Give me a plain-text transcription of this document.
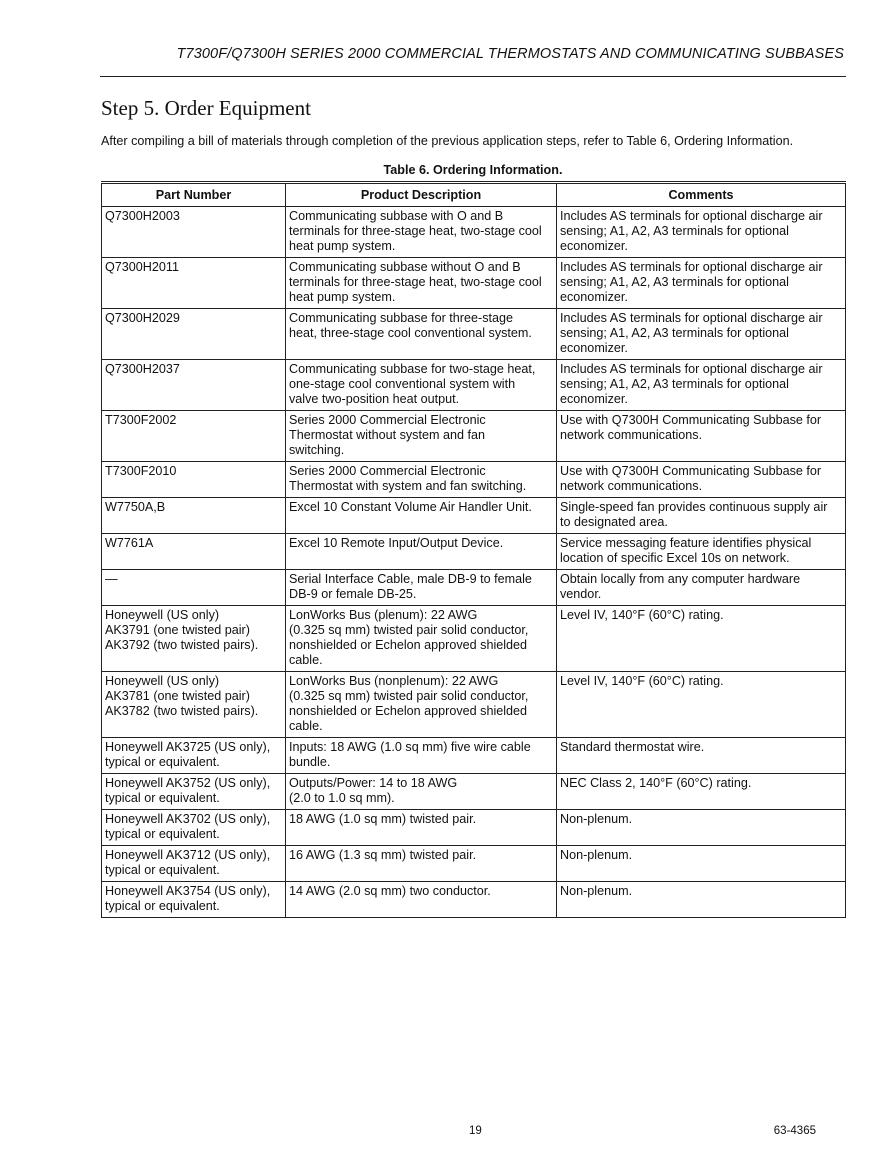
T7300F/Q7300H SERIES 2000 COMMERCIAL THERMOSTATS AND COMMUNICATING SUBBASES
Step 5. Order Equipment

After compiling a bill of materials through completion of the previous application steps, refer to Table 6, Ordering Information.

Table 6. Ordering Information.
Part Number	Product Description	Comments
Q7300H2003	Communicating subbase with O and B
terminals for three-stage heat, two-stage cool
heat pump system.	Includes AS terminals for optional discharge air
sensing; A1, A2, A3 terminals for optional
economizer.
Q7300H2011	Communicating subbase without O and B
terminals for three-stage heat, two-stage cool
heat pump system.	Includes AS terminals for optional discharge air
sensing; A1, A2, A3 terminals for optional
economizer.
Q7300H2029	Communicating subbase for three-stage
heat, three-stage cool conventional system.	Includes AS terminals for optional discharge air
sensing; A1, A2, A3 terminals for optional
economizer.
Q7300H2037	Communicating subbase for two-stage heat,
one-stage cool conventional system with
valve two-position heat output.	Includes AS terminals for optional discharge air
sensing; A1, A2, A3 terminals for optional
economizer.
T7300F2002	Series 2000 Commercial Electronic
Thermostat without system and fan
switching.	Use with Q7300H Communicating Subbase for
network communications.
T7300F2010	Series 2000 Commercial Electronic
Thermostat with system and fan switching.	Use with Q7300H Communicating Subbase for
network communications.
W7750A,B	Excel 10 Constant Volume Air Handler Unit.	Single-speed fan provides continuous supply air
to designated area.
W7761A	Excel 10 Remote Input/Output Device.	Service messaging feature identifies physical
location of specific Excel 10s on network.
—	Serial Interface Cable, male DB-9 to female
DB-9 or female DB-25.	Obtain locally from any computer hardware
vendor.
Honeywell (US only)
AK3791 (one twisted pair)
AK3792 (two twisted pairs).	LonWorks Bus (plenum): 22 AWG
(0.325 sq mm) twisted pair solid conductor,
nonshielded or Echelon approved shielded
cable.	Level IV, 140°F (60°C) rating.
Honeywell (US only)
AK3781 (one twisted pair)
AK3782 (two twisted pairs).	LonWorks Bus (nonplenum): 22 AWG
(0.325 sq mm) twisted pair solid conductor,
nonshielded or Echelon approved shielded
cable.	Level IV, 140°F (60°C) rating.
Honeywell AK3725 (US only),
typical or equivalent.	Inputs: 18 AWG (1.0 sq mm) five wire cable
bundle.	Standard thermostat wire.
Honeywell AK3752 (US only),
typical or equivalent.	Outputs/Power: 14 to 18 AWG
(2.0 to 1.0 sq mm).	NEC Class 2, 140°F (60°C) rating.
Honeywell AK3702 (US only),
typical or equivalent.	18 AWG (1.0 sq mm) twisted pair.	Non-plenum.
Honeywell AK3712 (US only),
typical or equivalent.	16 AWG (1.3 sq mm) twisted pair.	Non-plenum.
Honeywell AK3754 (US only),
typical or equivalent.	14 AWG (2.0 sq mm) two conductor.	Non-plenum.
19	63-4365
